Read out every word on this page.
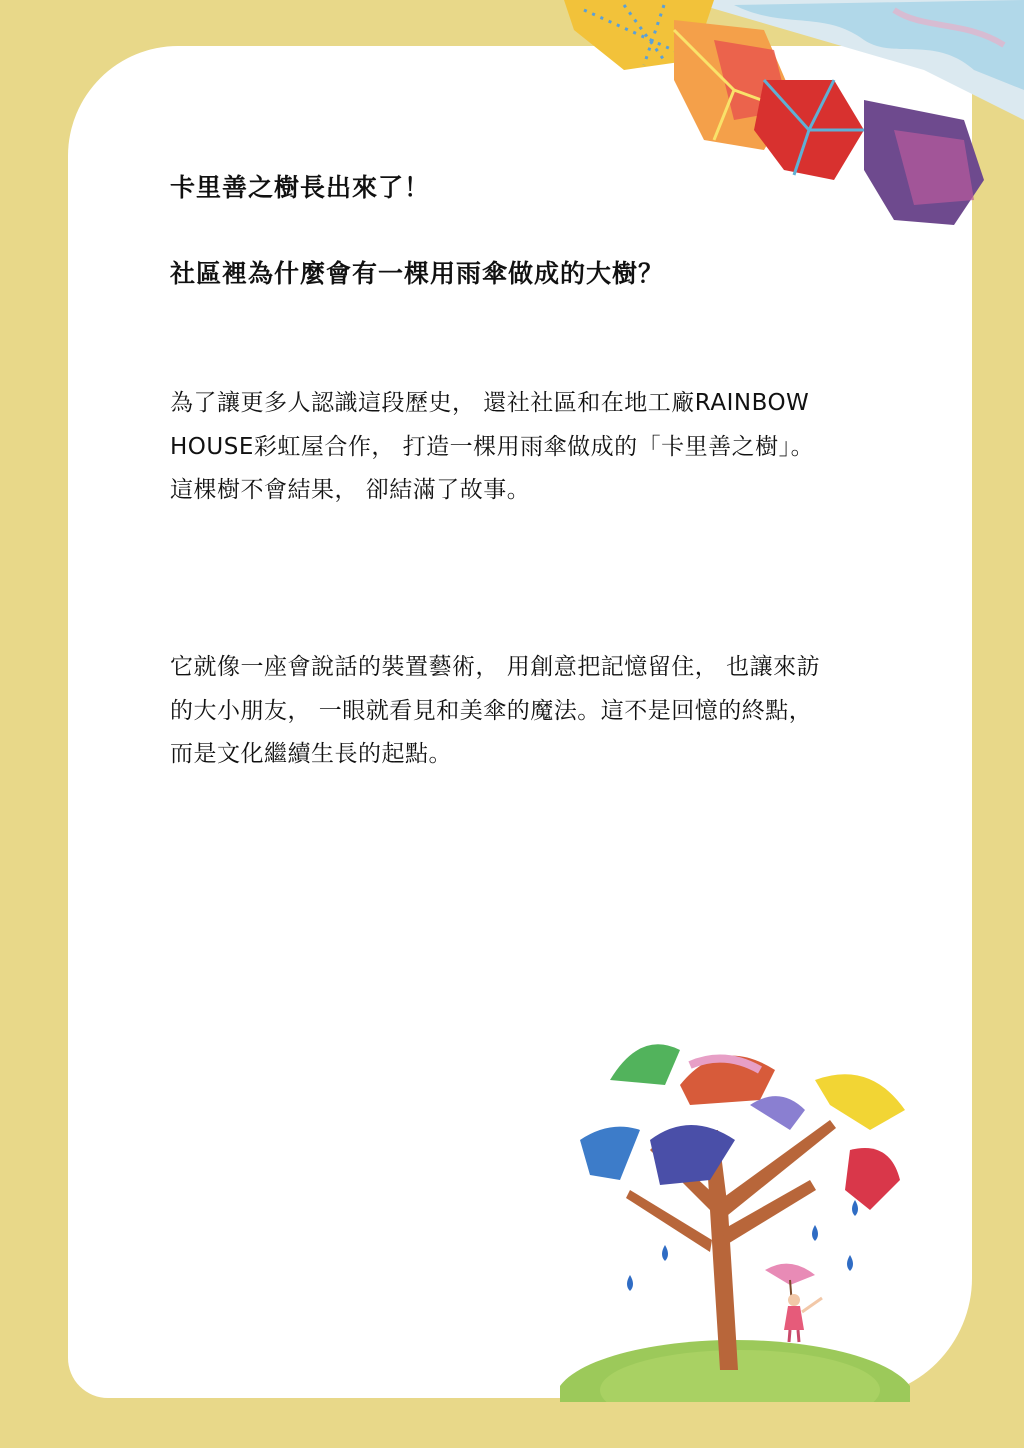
卡里善之樹長出來了！
社區裡為什麼會有一棵用雨傘做成的大樹？

為了讓更多人認識這段歷史， 還社社區和在地工廠RAINBOW HOUSE彩虹屋合作， 打造一棵用雨傘做成的「卡里善之樹」。 這棵樹不會結果， 卻結滿了故事。

它就像一座會說話的裝置藝術， 用創意把記憶留住， 也讓來訪的大小朋友， 一眼就看見和美傘的魔法。這不是回憶的終點， 而是文化繼續生長的起點。
